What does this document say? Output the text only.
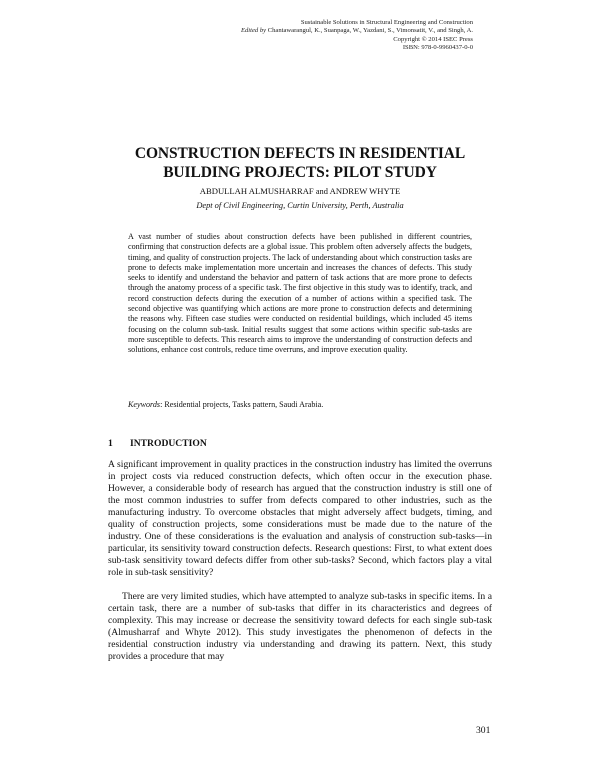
Sustainable Solutions in Structural Engineering and Construction
Edited by Chantawarangul, K., Suanpaga, W., Yazdani, S., Vimonsatit, V., and Singh, A.
Copyright © 2014 ISEC Press
ISBN: 978-0-9960437-0-0
CONSTRUCTION DEFECTS IN RESIDENTIAL
BUILDING PROJECTS: PILOT STUDY
ABDULLAH ALMUSHARRAF and ANDREW WHYTE
Dept of Civil Engineering, Curtin University, Perth, Australia

A vast number of studies about construction defects have been published in different countries, confirming that construction defects are a global issue. This problem often adversely affects the budgets, timing, and quality of construction projects. The lack of understanding about which construction tasks are prone to defects make implementation more uncertain and increases the chances of defects. This study seeks to identify and understand the behavior and pattern of task actions that are more prone to defects through the anatomy process of a specific task. The first objective in this study was to identify, track, and record construction defects during the execution of a number of actions within a specified task. The second objective was quantifying which actions are more prone to construction defects and determining the reasons why. Fifteen case studies were conducted on residential buildings, which included 45 items focusing on the column sub-task. Initial results suggest that some actions within specific sub-tasks are more susceptible to defects. This research aims to improve the understanding of construction defects and solutions, enhance cost controls, reduce time overruns, and improve execution quality.

Keywords: Residential projects, Tasks pattern, Saudi Arabia.

1 INTRODUCTION

A significant improvement in quality practices in the construction industry has limited the overruns in project costs via reduced construction defects, which often occur in the execution phase. However, a considerable body of research has argued that the construction industry is still one of the most common industries to suffer from defects compared to other industries, such as the manufacturing industry. To overcome obstacles that might adversely affect budgets, timing, and quality of construction projects, some considerations must be made due to the nature of the industry. One of these considerations is the evaluation and analysis of construction sub-tasks—in particular, its sensitivity toward construction defects. Research questions: First, to what extent does sub-task sensitivity toward defects differ from other sub-tasks? Second, which factors play a vital role in sub-task sensitivity?

There are very limited studies, which have attempted to analyze sub-tasks in specific items. In a certain task, there are a number of sub-tasks that differ in its characteristics and degrees of complexity. This may increase or decrease the sensitivity toward defects for each single sub-task (Almusharraf and Whyte 2012). This study investigates the phenomenon of defects in the residential construction industry via understanding and drawing its pattern. Next, this study provides a procedure that may

301
